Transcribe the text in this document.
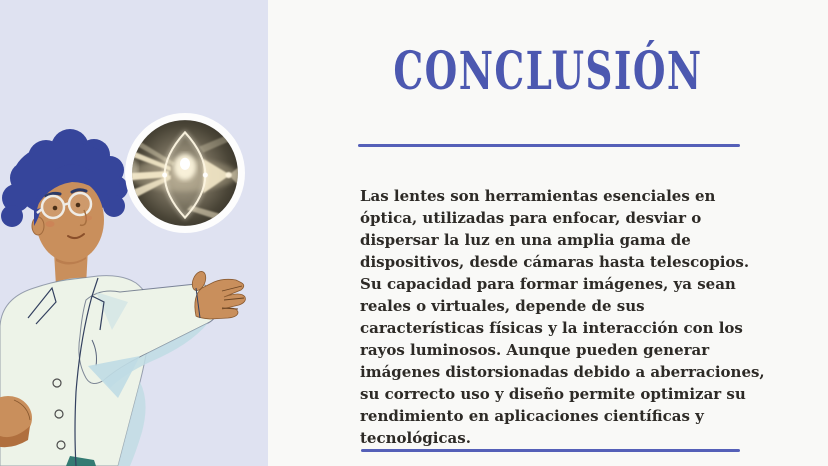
CONCLUSIÓN

Las lentes son herramientas esenciales en óptica, utilizadas para enfocar, desviar o dispersar la luz en una amplia gama de dispositivos, desde cámaras hasta telescopios. Su capacidad para formar imágenes, ya sean reales o virtuales, depende de sus características físicas y la interacción con los rayos luminosos. Aunque pueden generar imágenes distorsionadas debido a aberraciones, su correcto uso y diseño permite optimizar su rendimiento en aplicaciones científicas y tecnológicas.
